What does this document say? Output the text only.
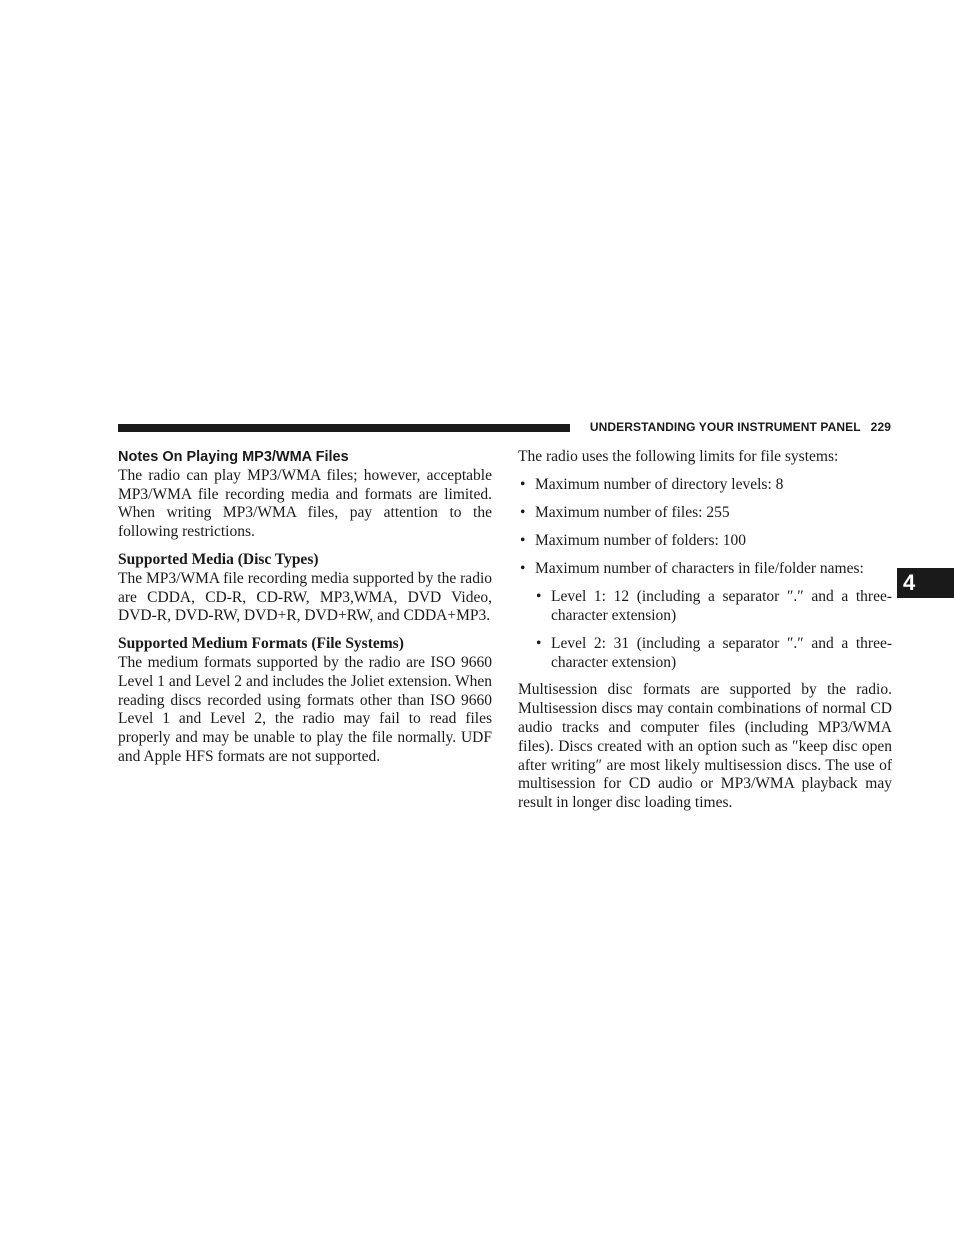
UNDERSTANDING YOUR INSTRUMENT PANEL 229
4
Notes On Playing MP3/WMA Files

The radio can play MP3/WMA files; however, acceptable MP3/WMA file recording media and formats are limited. When writing MP3/WMA files, pay attention to the following restrictions.

Supported Media (Disc Types)

The MP3/WMA file recording media supported by the radio are CDDA, CD-R, CD-RW, MP3,WMA, DVD Video, DVD-R, DVD-RW, DVD+R, DVD+RW, and CDDA+MP3.

Supported Medium Formats (File Systems)

The medium formats supported by the radio are ISO 9660 Level 1 and Level 2 and includes the Joliet extension. When reading discs recorded using formats other than ISO 9660 Level 1 and Level 2, the radio may fail to read files properly and may be unable to play the file normally. UDF and Apple HFS formats are not supported.

The radio uses the following limits for file systems:

• Maximum number of directory levels: 8
• Maximum number of files: 255
• Maximum number of folders: 100
• Maximum number of characters in file/folder names:
• Level 1: 12 (including a separator ″.″ and a three-character extension)
• Level 2: 31 (including a separator ″.″ and a three-character extension)

Multisession disc formats are supported by the radio. Multisession discs may contain combinations of normal CD audio tracks and computer files (including MP3/WMA files). Discs created with an option such as ″keep disc open after writing″ are most likely multisession discs. The use of multisession for CD audio or MP3/WMA playback may result in longer disc loading times.
